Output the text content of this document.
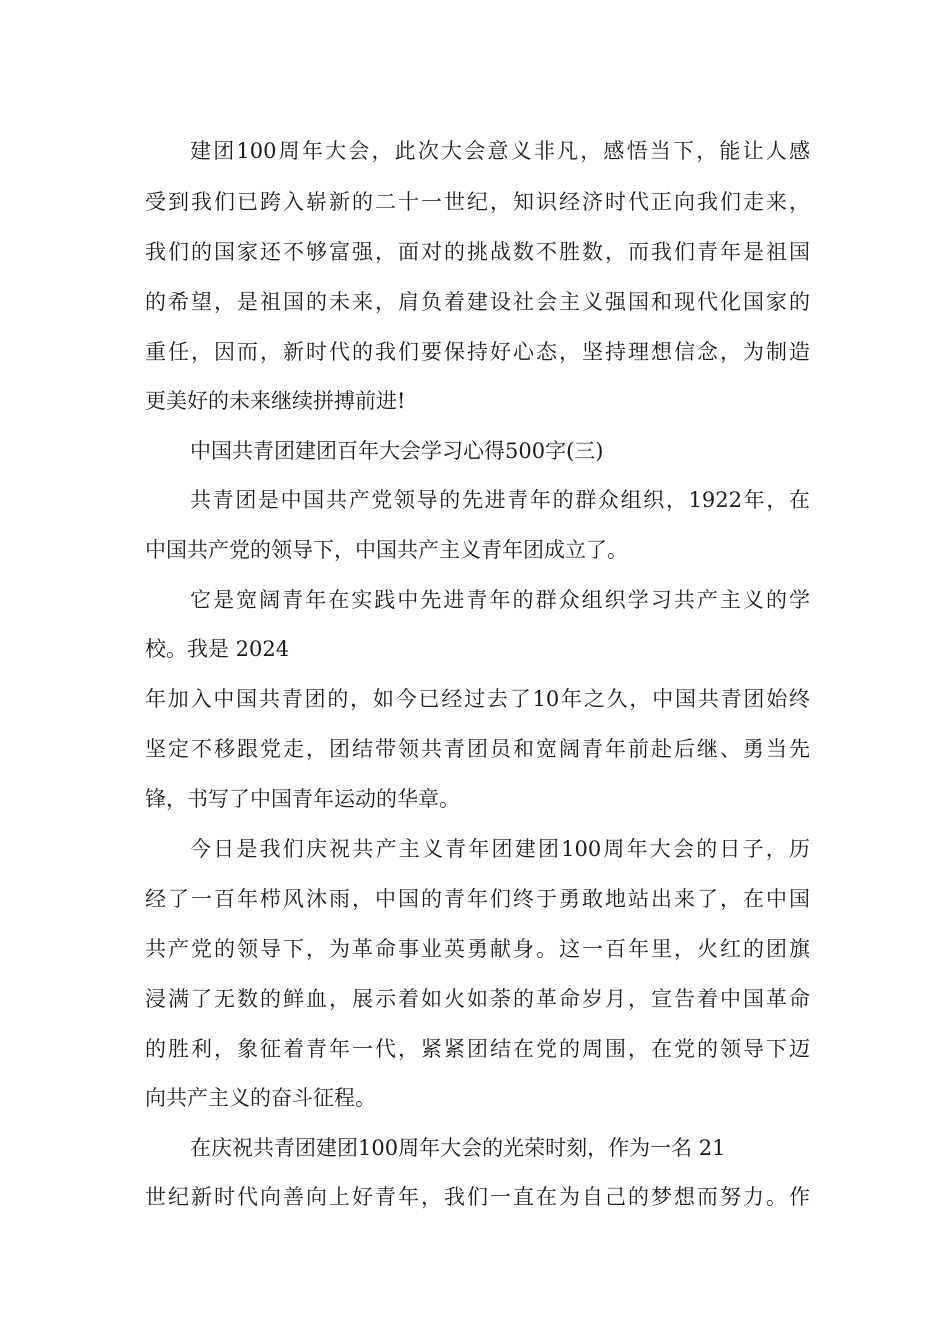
建团100周年大会，此次大会意义非凡，感悟当下，能让人感
受到我们已跨入崭新的二十一世纪，知识经济时代正向我们走来，
我们的国家还不够富强，面对的挑战数不胜数，而我们青年是祖国
的希望，是祖国的未来，肩负着建设社会主义强国和现代化国家的
重任，因而，新时代的我们要保持好心态，坚持理想信念，为制造
更美好的未来继续拼搏前进!
中国共青团建团百年大会学习心得500字(三)
共青团是中国共产党领导的先进青年的群众组织，1922年，在
中国共产党的领导下，中国共产主义青年团成立了。
它是宽阔青年在实践中先进青年的群众组织学习共产主义的学
校。我是 2024
年加入中国共青团的，如今已经过去了10年之久，中国共青团始终
坚定不移跟党走，团结带领共青团员和宽阔青年前赴后继、勇当先
锋，书写了中国青年运动的华章。
今日是我们庆祝共产主义青年团建团100周年大会的日子，历
经了一百年栉风沐雨，中国的青年们终于勇敢地站出来了，在中国
共产党的领导下，为革命事业英勇献身。这一百年里，火红的团旗
浸满了无数的鲜血，展示着如火如荼的革命岁月，宣告着中国革命
的胜利，象征着青年一代，紧紧团结在党的周围，在党的领导下迈
向共产主义的奋斗征程。
在庆祝共青团建团100周年大会的光荣时刻，作为一名 21
世纪新时代向善向上好青年，我们一直在为自己的梦想而努力。作
